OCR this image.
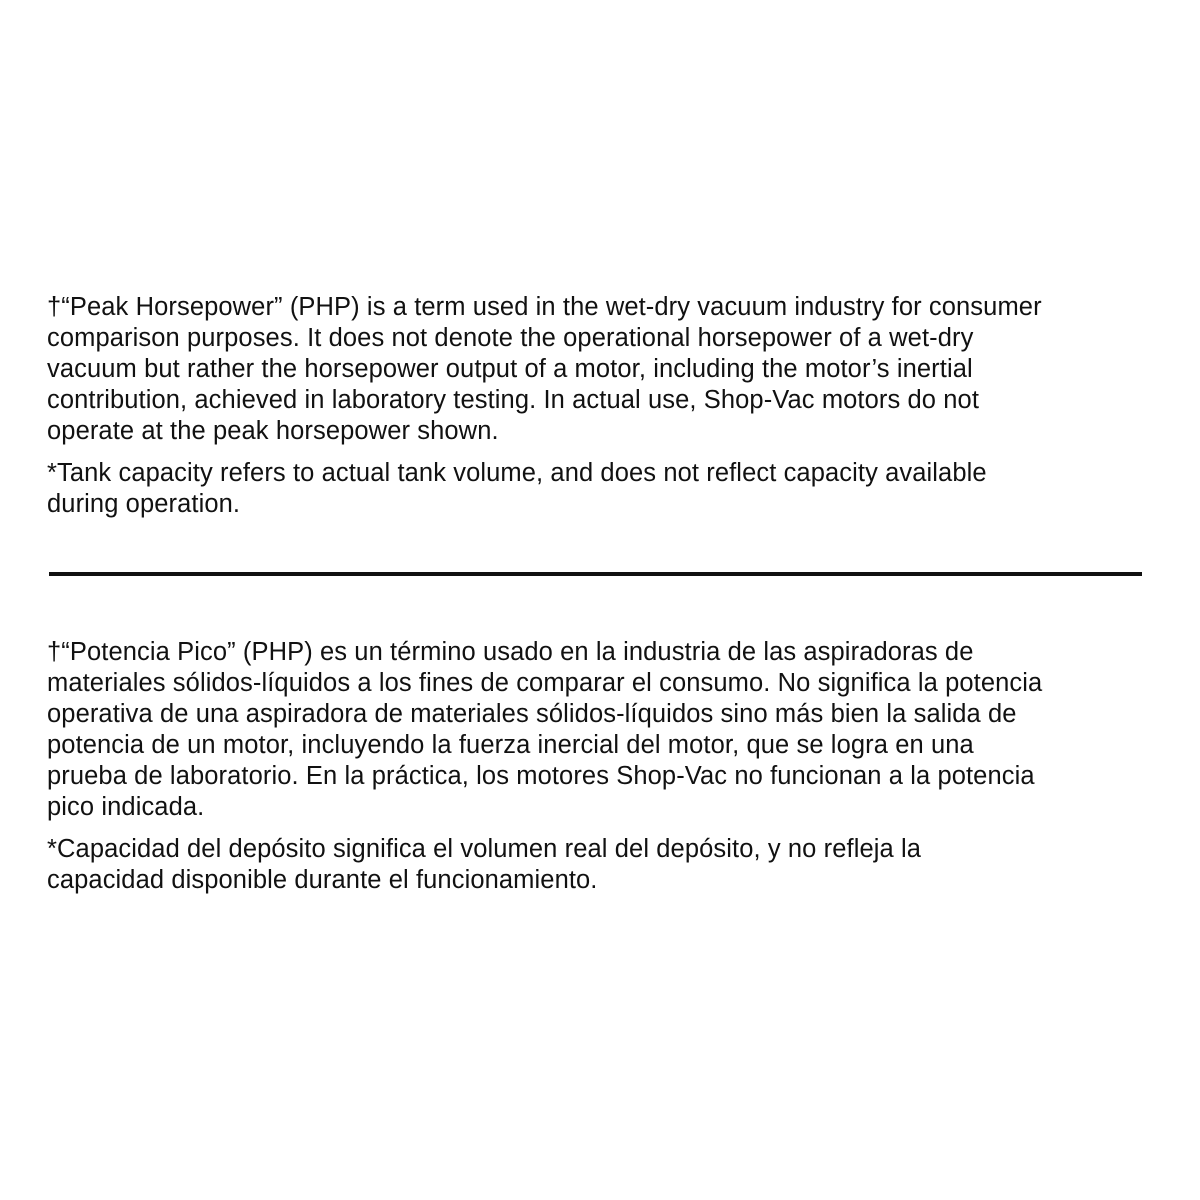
†“Peak Horsepower” (PHP) is a term used in the wet-dry vacuum industry for consumer
comparison purposes. It does not denote the operational horsepower of a wet-dry
vacuum but rather the horsepower output of a motor, including the motor’s inertial
contribution, achieved in laboratory testing. In actual use, Shop-Vac motors do not
operate at the peak horsepower shown.
*Tank capacity refers to actual tank volume, and does not reflect capacity available
during operation.
†“Potencia Pico” (PHP) es un término usado en la industria de las aspiradoras de
materiales sólidos-líquidos a los fines de comparar el consumo. No significa la potencia
operativa de una aspiradora de materiales sólidos-líquidos sino más bien la salida de
potencia de un motor, incluyendo la fuerza inercial del motor, que se logra en una
prueba de laboratorio. En la práctica, los motores Shop-Vac no funcionan a la potencia
pico indicada.
*Capacidad del depósito significa el volumen real del depósito, y no refleja la
capacidad disponible durante el funcionamiento.
